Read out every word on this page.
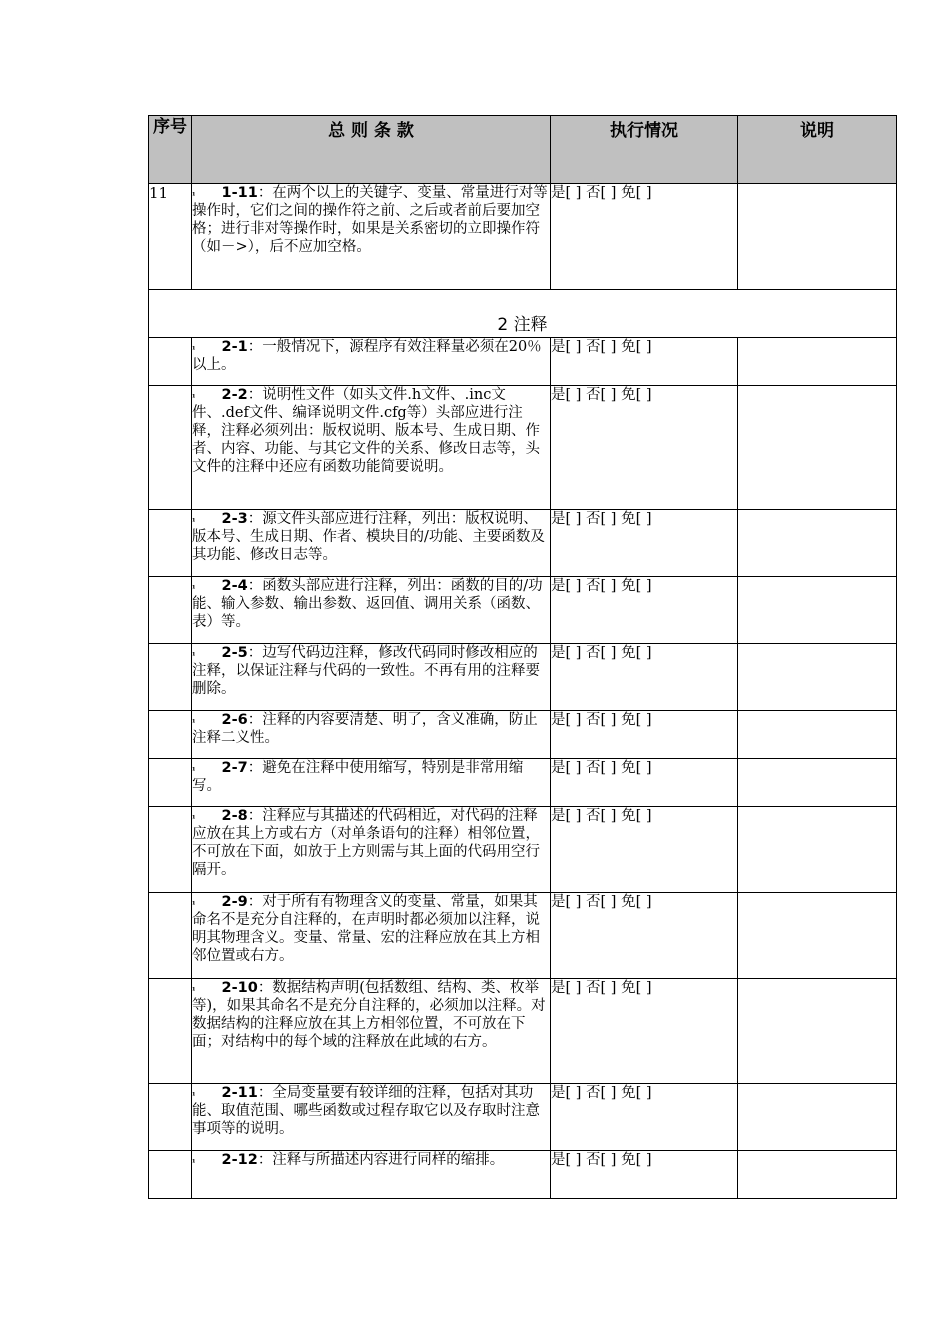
序号	总 则 条 款	执行情况	说明
11	$^{^1}$ 1-11：在两个以上的关键字、变量、常量进行对等操作时，它们之间的操作符之前、之后或者前后要加空格；进行非对等操作时，如果是关系密切的立即操作符（如－>），后不应加空格。	是[ ] 否[ ] 免[ ]	
2 注释			
	$^{^1}$ 2-1：一般情况下，源程序有效注释量必须在20％以上。	是[ ] 否[ ] 免[ ]	
	$^{^1}$ 2-2：说明性文件（如头文件.h文件、.inc文件、.def文件、编译说明文件.cfg等）头部应进行注释，注释必须列出：版权说明、版本号、生成日期、作者、内容、功能、与其它文件的关系、修改日志等，头文件的注释中还应有函数功能简要说明。	是[ ] 否[ ] 免[ ]	
	$^{^1}$ 2-3：源文件头部应进行注释，列出：版权说明、版本号、生成日期、作者、模块目的/功能、主要函数及其功能、修改日志等。	是[ ] 否[ ] 免[ ]	
	$^{^1}$ 2-4：函数头部应进行注释，列出：函数的目的/功能、输入参数、输出参数、返回值、调用关系（函数、表）等。	是[ ] 否[ ] 免[ ]	
	$^{^1}$ 2-5：边写代码边注释，修改代码同时修改相应的注释，以保证注释与代码的一致性。不再有用的注释要删除。	是[ ] 否[ ] 免[ ]	
	$^{^1}$ 2-6：注释的内容要清楚、明了，含义准确，防止注释二义性。	是[ ] 否[ ] 免[ ]	
	$^{^1}$ 2-7：避免在注释中使用缩写，特别是非常用缩写。	是[ ] 否[ ] 免[ ]	
	$^{^1}$ 2-8：注释应与其描述的代码相近，对代码的注释应放在其上方或右方（对单条语句的注释）相邻位置，不可放在下面，如放于上方则需与其上面的代码用空行隔开。	是[ ] 否[ ] 免[ ]	
	$^{^1}$ 2-9：对于所有有物理含义的变量、常量，如果其命名不是充分自注释的，在声明时都必须加以注释，说明其物理含义。变量、常量、宏的注释应放在其上方相邻位置或右方。	是[ ] 否[ ] 免[ ]	
	$^{^1}$ 2-10：数据结构声明(包括数组、结构、类、枚举等)，如果其命名不是充分自注释的，必须加以注释。对数据结构的注释应放在其上方相邻位置，不可放在下面；对结构中的每个域的注释放在此域的右方。	是[ ] 否[ ] 免[ ]	
	$^{^1}$ 2-11：全局变量要有较详细的注释，包括对其功能、取值范围、哪些函数或过程存取它以及存取时注意事项等的说明。	是[ ] 否[ ] 免[ ]	
	$^{^1}$ 2-12：注释与所描述内容进行同样的缩排。	是[ ] 否[ ] 免[ ]	
